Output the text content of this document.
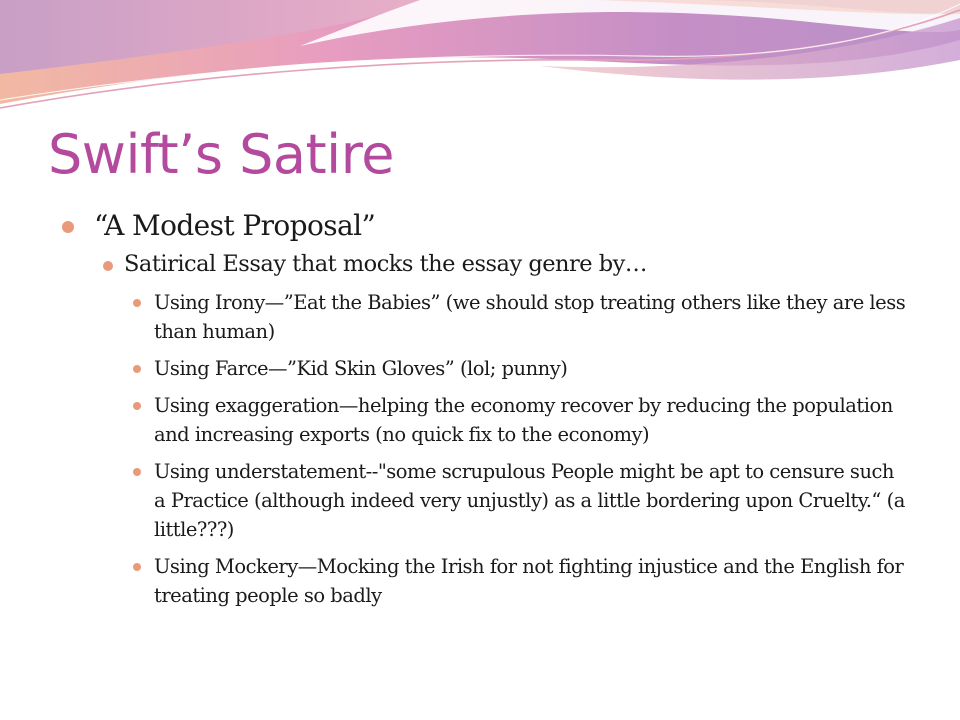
Swift’s Satire
“A Modest Proposal”
Satirical Essay that mocks the essay genre by…
Using Irony—”Eat the Babies” (we should stop treating others like they are less than human)
Using Farce—”Kid Skin Gloves” (lol; punny)
Using exaggeration—helping the economy recover by reducing the population and increasing exports (no quick fix to the economy)
Using understatement--"some scrupulous People might be apt to censure such a Practice (although indeed very unjustly) as a little bordering upon Cruelty.“ (a little???)
Using Mockery—Mocking the Irish for not fighting injustice and the English for treating people so badly
